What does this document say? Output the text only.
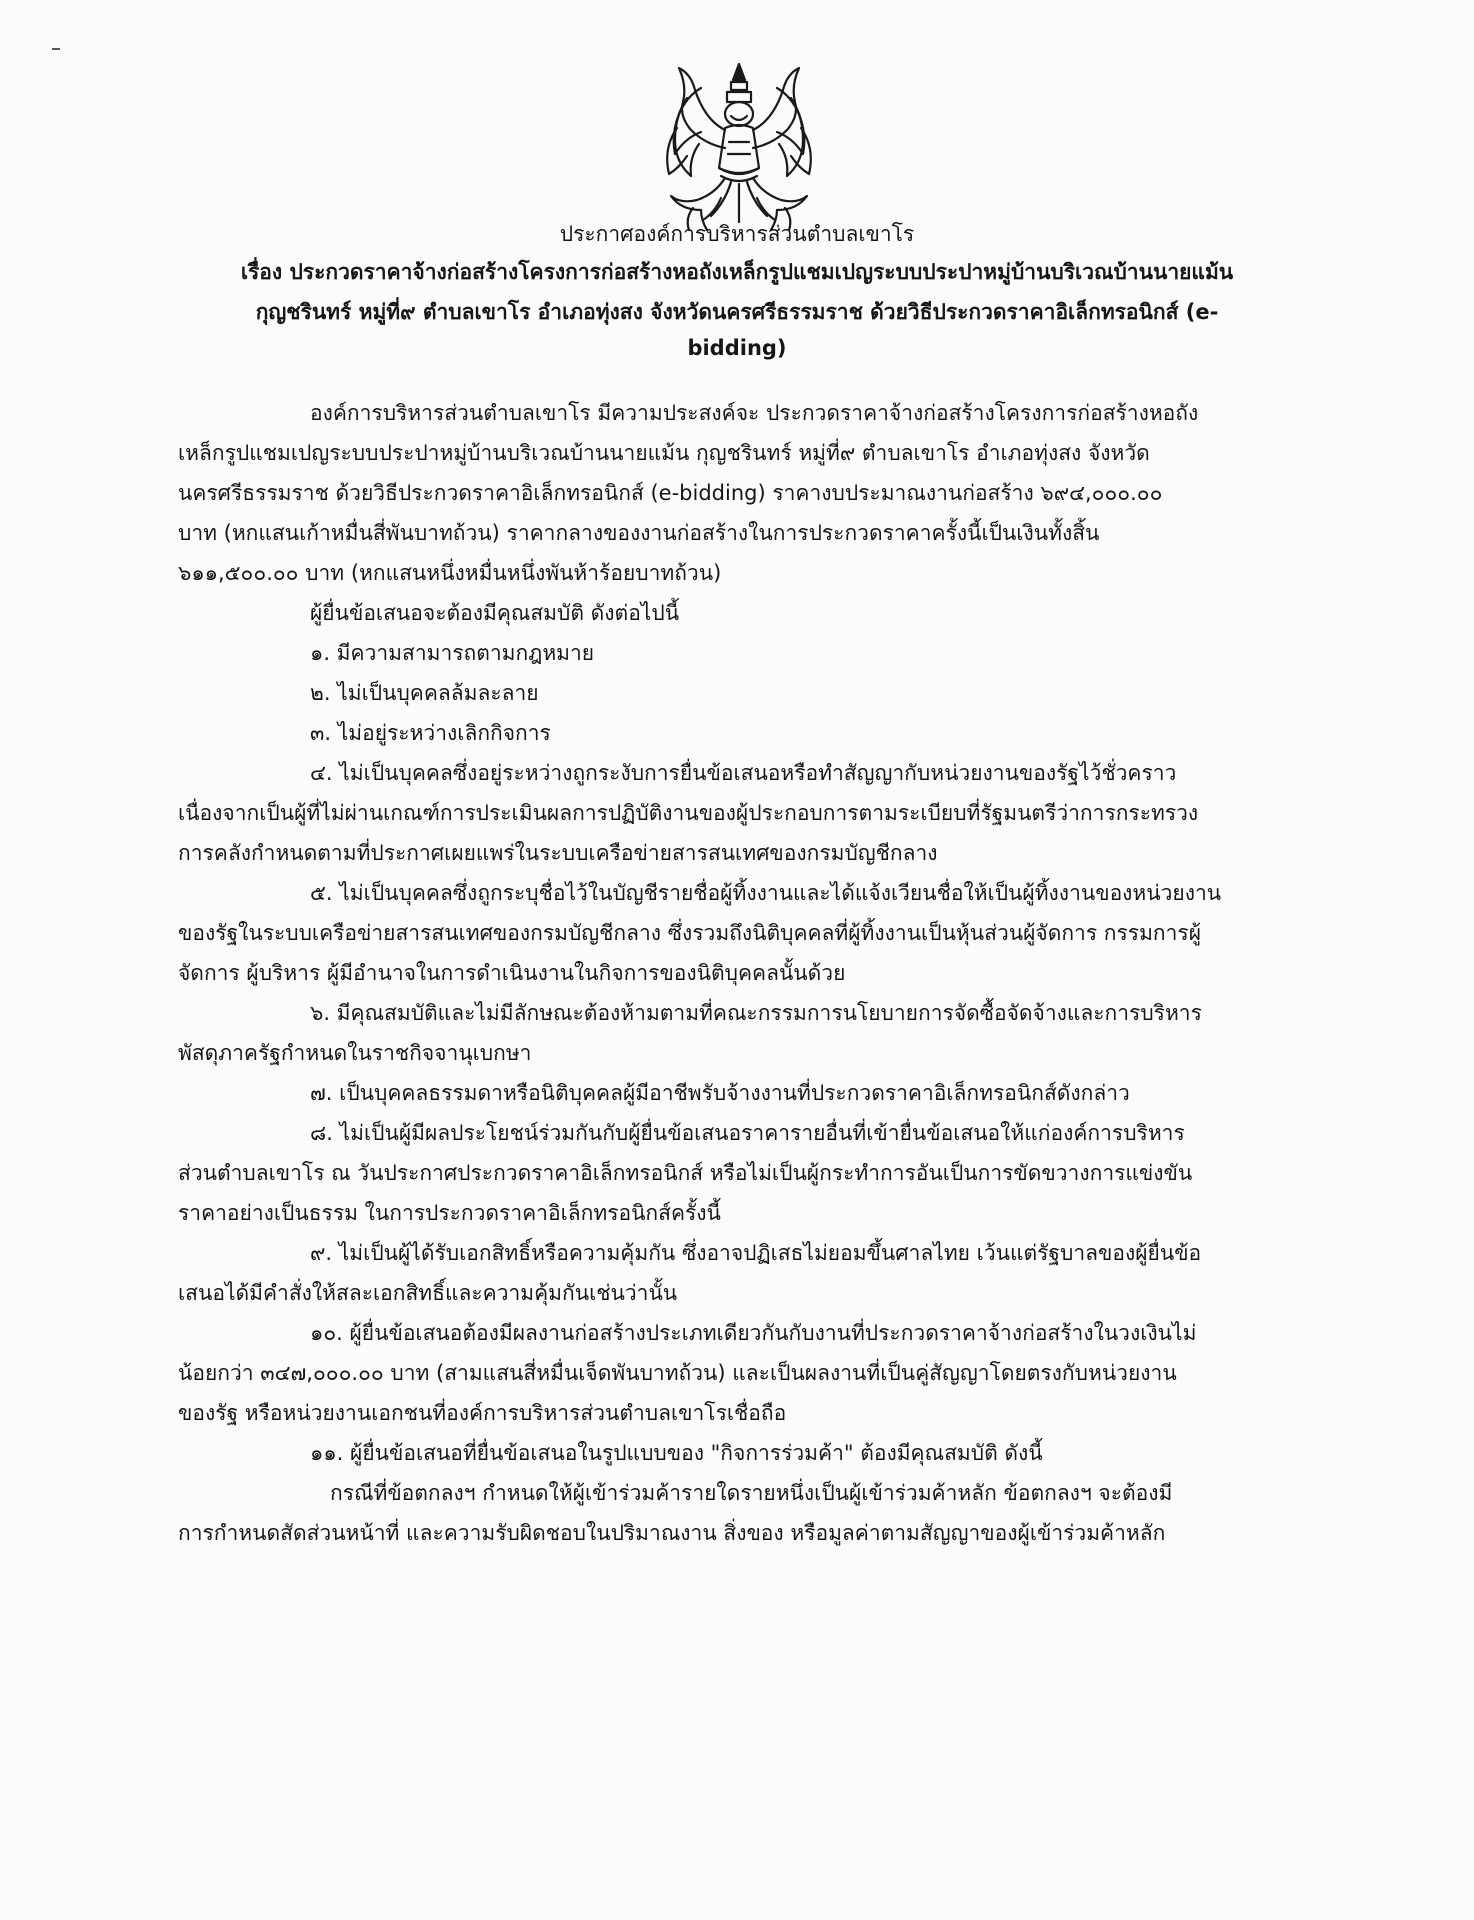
ประกาศองค์การบริหารส่วนตำบลเขาโร
เรื่อง ประกวดราคาจ้างก่อสร้างโครงการก่อสร้างหอถังเหล็กรูปแชมเปญระบบประปาหมู่บ้านบริเวณบ้านนายแม้น
กุญชรินทร์ หมู่ที่๙ ตำบลเขาโร อำเภอทุ่งสง จังหวัดนครศรีธรรมราช ด้วยวิธีประกวดราคาอิเล็กทรอนิกส์ (e-
bidding)
องค์การบริหารส่วนตำบลเขาโร มีความประสงค์จะ ประกวดราคาจ้างก่อสร้างโครงการก่อสร้างหอถัง
เหล็กรูปแชมเปญระบบประปาหมู่บ้านบริเวณบ้านนายแม้น กุญชรินทร์ หมู่ที่๙ ตำบลเขาโร อำเภอทุ่งสง จังหวัด
นครศรีธรรมราช ด้วยวิธีประกวดราคาอิเล็กทรอนิกส์ (e-bidding) ราคางบประมาณงานก่อสร้าง ๖๙๔,๐๐๐.๐๐
บาท (หกแสนเก้าหมื่นสี่พันบาทถ้วน) ราคากลางของงานก่อสร้างในการประกวดราคาครั้งนี้เป็นเงินทั้งสิ้น
๖๑๑,๕๐๐.๐๐ บาท (หกแสนหนึ่งหมื่นหนึ่งพันห้าร้อยบาทถ้วน)
ผู้ยื่นข้อเสนอจะต้องมีคุณสมบัติ ดังต่อไปนี้
๑. มีความสามารถตามกฎหมาย
๒. ไม่เป็นบุคคลล้มละลาย
๓. ไม่อยู่ระหว่างเลิกกิจการ
๔. ไม่เป็นบุคคลซึ่งอยู่ระหว่างถูกระงับการยื่นข้อเสนอหรือทำสัญญากับหน่วยงานของรัฐไว้ชั่วคราว
เนื่องจากเป็นผู้ที่ไม่ผ่านเกณฑ์การประเมินผลการปฏิบัติงานของผู้ประกอบการตามระเบียบที่รัฐมนตรีว่าการกระทรวง
การคลังกำหนดตามที่ประกาศเผยแพร่ในระบบเครือข่ายสารสนเทศของกรมบัญชีกลาง
๕. ไม่เป็นบุคคลซึ่งถูกระบุชื่อไว้ในบัญชีรายชื่อผู้ทิ้งงานและได้แจ้งเวียนชื่อให้เป็นผู้ทิ้งงานของหน่วยงาน
ของรัฐในระบบเครือข่ายสารสนเทศของกรมบัญชีกลาง ซึ่งรวมถึงนิติบุคคลที่ผู้ทิ้งงานเป็นหุ้นส่วนผู้จัดการ กรรมการผู้
จัดการ ผู้บริหาร ผู้มีอำนาจในการดำเนินงานในกิจการของนิติบุคคลนั้นด้วย
๖. มีคุณสมบัติและไม่มีลักษณะต้องห้ามตามที่คณะกรรมการนโยบายการจัดซื้อจัดจ้างและการบริหาร
พัสดุภาครัฐกำหนดในราชกิจจานุเบกษา
๗. เป็นบุคคลธรรมดาหรือนิติบุคคลผู้มีอาชีพรับจ้างงานที่ประกวดราคาอิเล็กทรอนิกส์ดังกล่าว
๘. ไม่เป็นผู้มีผลประโยชน์ร่วมกันกับผู้ยื่นข้อเสนอราคารายอื่นที่เข้ายื่นข้อเสนอให้แก่องค์การบริหาร
ส่วนตำบลเขาโร ณ วันประกาศประกวดราคาอิเล็กทรอนิกส์ หรือไม่เป็นผู้กระทำการอันเป็นการขัดขวางการแข่งขัน
ราคาอย่างเป็นธรรม ในการประกวดราคาอิเล็กทรอนิกส์ครั้งนี้
๙. ไม่เป็นผู้ได้รับเอกสิทธิ์หรือความคุ้มกัน ซึ่งอาจปฏิเสธไม่ยอมขึ้นศาลไทย เว้นแต่รัฐบาลของผู้ยื่นข้อ
เสนอได้มีคำสั่งให้สละเอกสิทธิ์และความคุ้มกันเช่นว่านั้น
๑๐. ผู้ยื่นข้อเสนอต้องมีผลงานก่อสร้างประเภทเดียวกันกับงานที่ประกวดราคาจ้างก่อสร้างในวงเงินไม่
น้อยกว่า ๓๔๗,๐๐๐.๐๐ บาท (สามแสนสี่หมื่นเจ็ดพันบาทถ้วน) และเป็นผลงานที่เป็นคู่สัญญาโดยตรงกับหน่วยงาน
ของรัฐ หรือหน่วยงานเอกชนที่องค์การบริหารส่วนตำบลเขาโรเชื่อถือ
๑๑. ผู้ยื่นข้อเสนอที่ยื่นข้อเสนอในรูปแบบของ "กิจการร่วมค้า" ต้องมีคุณสมบัติ ดังนี้
กรณีที่ข้อตกลงฯ กำหนดให้ผู้เข้าร่วมค้ารายใดรายหนึ่งเป็นผู้เข้าร่วมค้าหลัก ข้อตกลงฯ จะต้องมี
การกำหนดสัดส่วนหน้าที่ และความรับผิดชอบในปริมาณงาน สิ่งของ หรือมูลค่าตามสัญญาของผู้เข้าร่วมค้าหลัก
